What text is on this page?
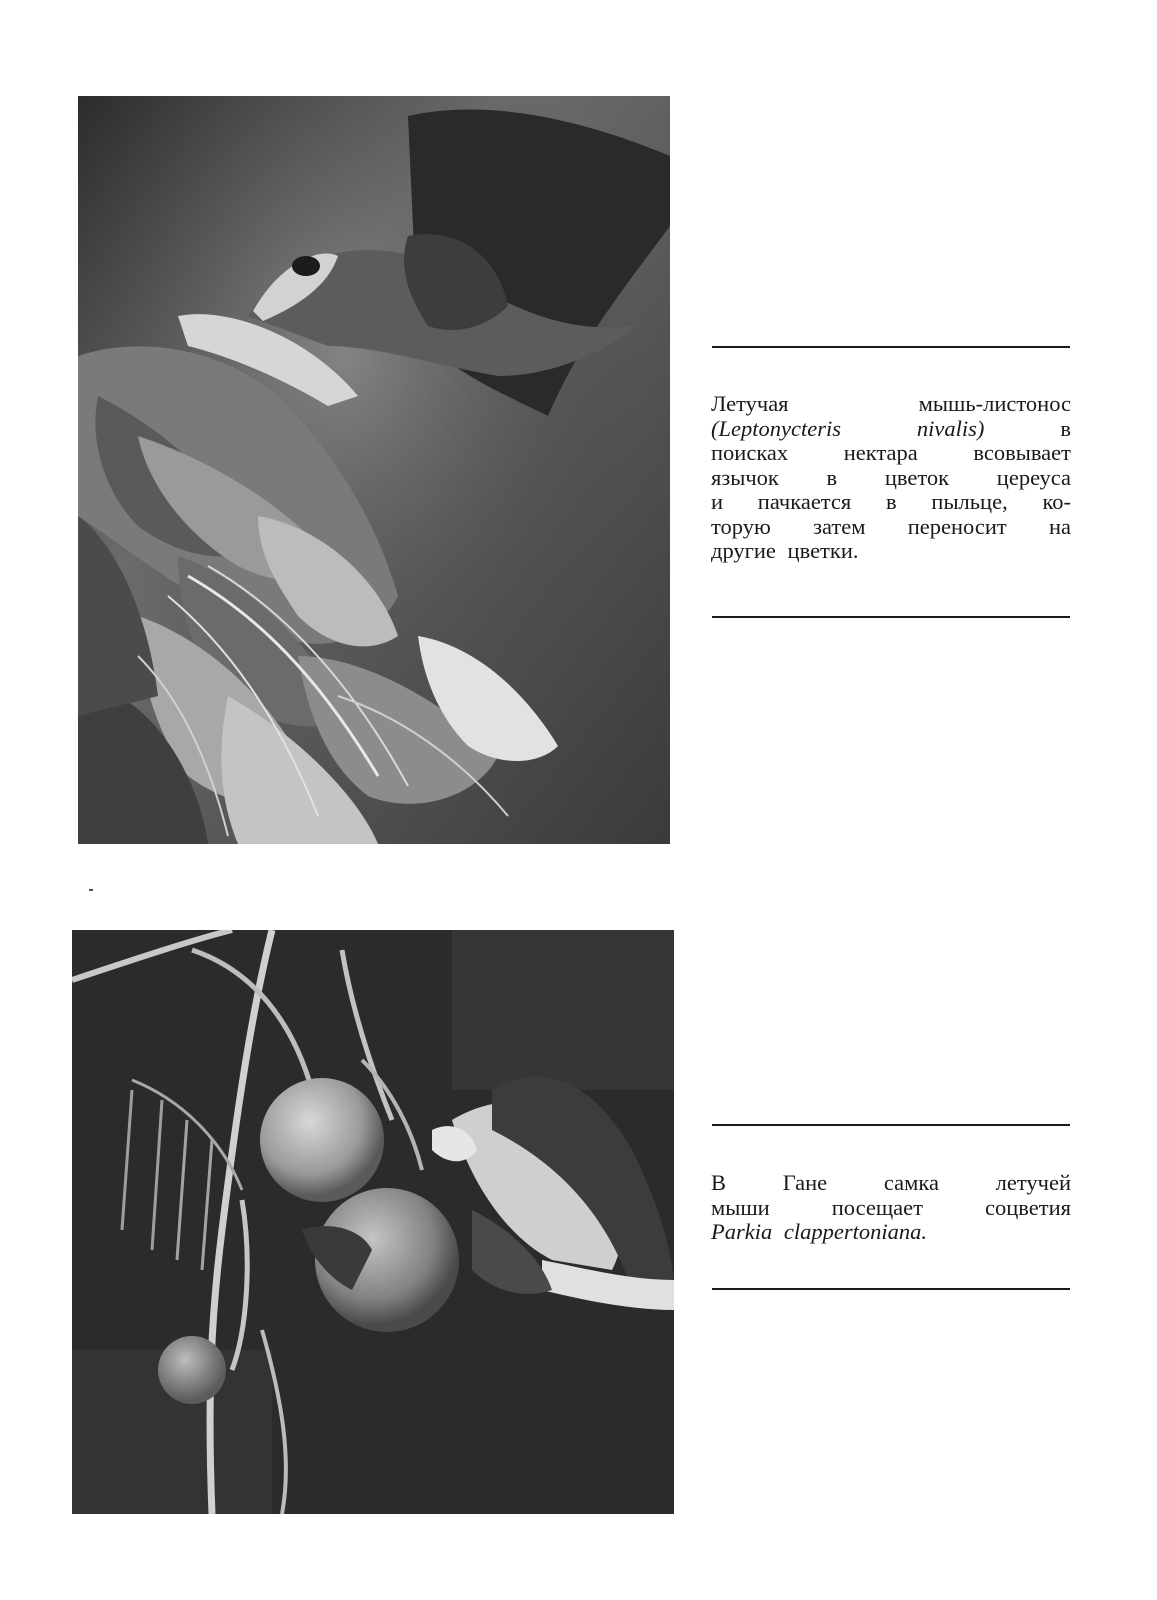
Летучая мышь-листонос
(Leptonycteris nivalis)	в
поисках нектара всовывает
язычок в цветок цереуса
и пачкается в пыльце, ко-
торую затем переносит на
другие цветки.
В Гане самка летучей
мыши посещает соцветия
Parkia clappertoniana.
